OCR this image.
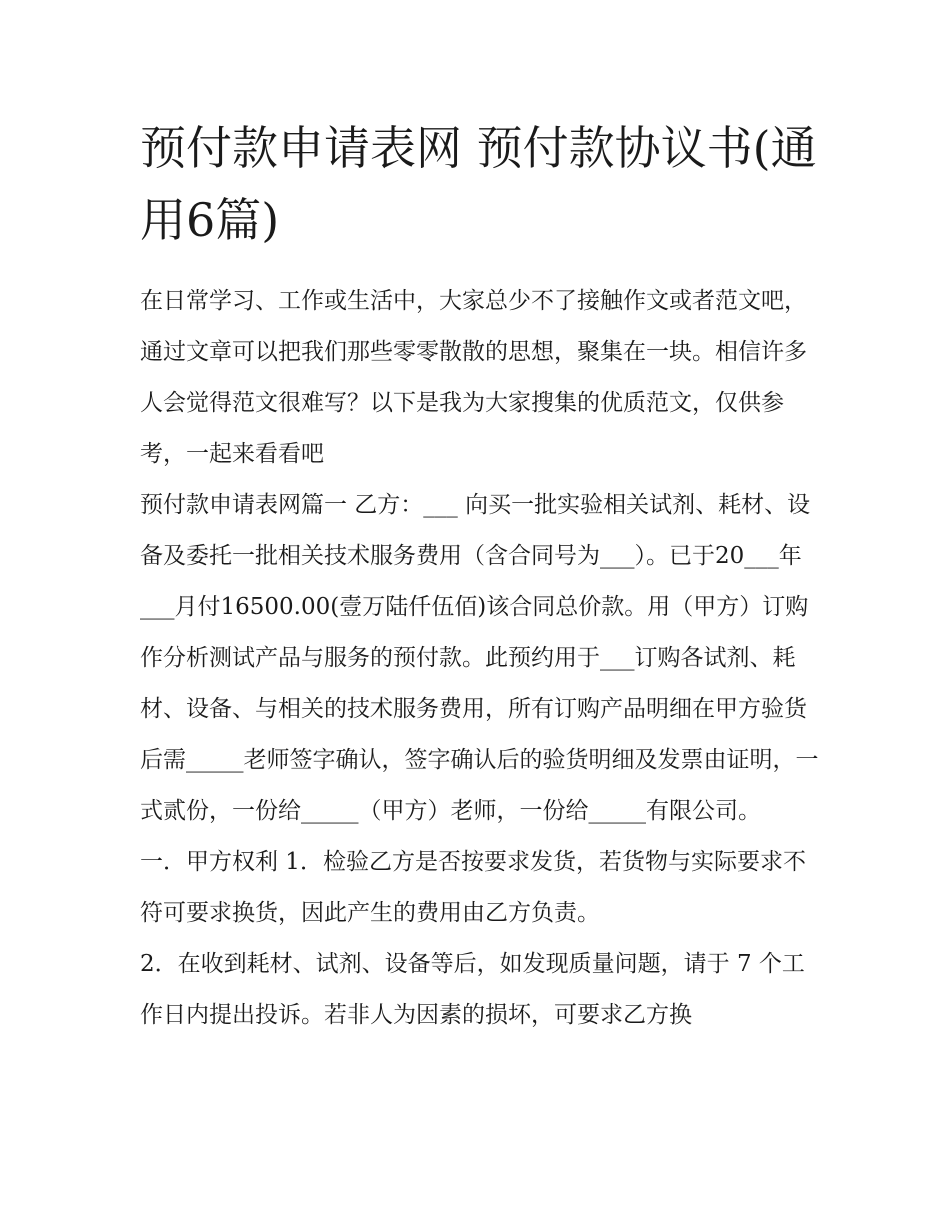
预付款申请表网 预付款协议书(通用6篇)

在日常学习、工作或生活中，大家总少不了接触作文或者范文吧，通过文章可以把我们那些零零散散的思想，聚集在一块。相信许多人会觉得范文很难写？以下是我为大家搜集的优质范文，仅供参考，一起来看看吧

预付款申请表网篇一 乙方：___ 向买一批实验相关试剂、耗材、设备及委托一批相关技术服务费用（含合同号为___）。已于20___年___月付16500.00(壹万陆仟伍佰)该合同总价款。用（甲方）订购作分析测试产品与服务的预付款。此预约用于___订购各试剂、耗材、设备、与相关的技术服务费用，所有订购产品明细在甲方验货后需_____老师签字确认，签字确认后的验货明细及发票由证明，一式贰份，一份给_____（甲方）老师，一份给_____有限公司。

一．甲方权利 1．检验乙方是否按要求发货，若货物与实际要求不符可要求换货，因此产生的费用由乙方负责。

2．在收到耗材、试剂、设备等后，如发现质量问题，请于 7 个工作日内提出投诉。若非人为因素的损坏，可要求乙方换
